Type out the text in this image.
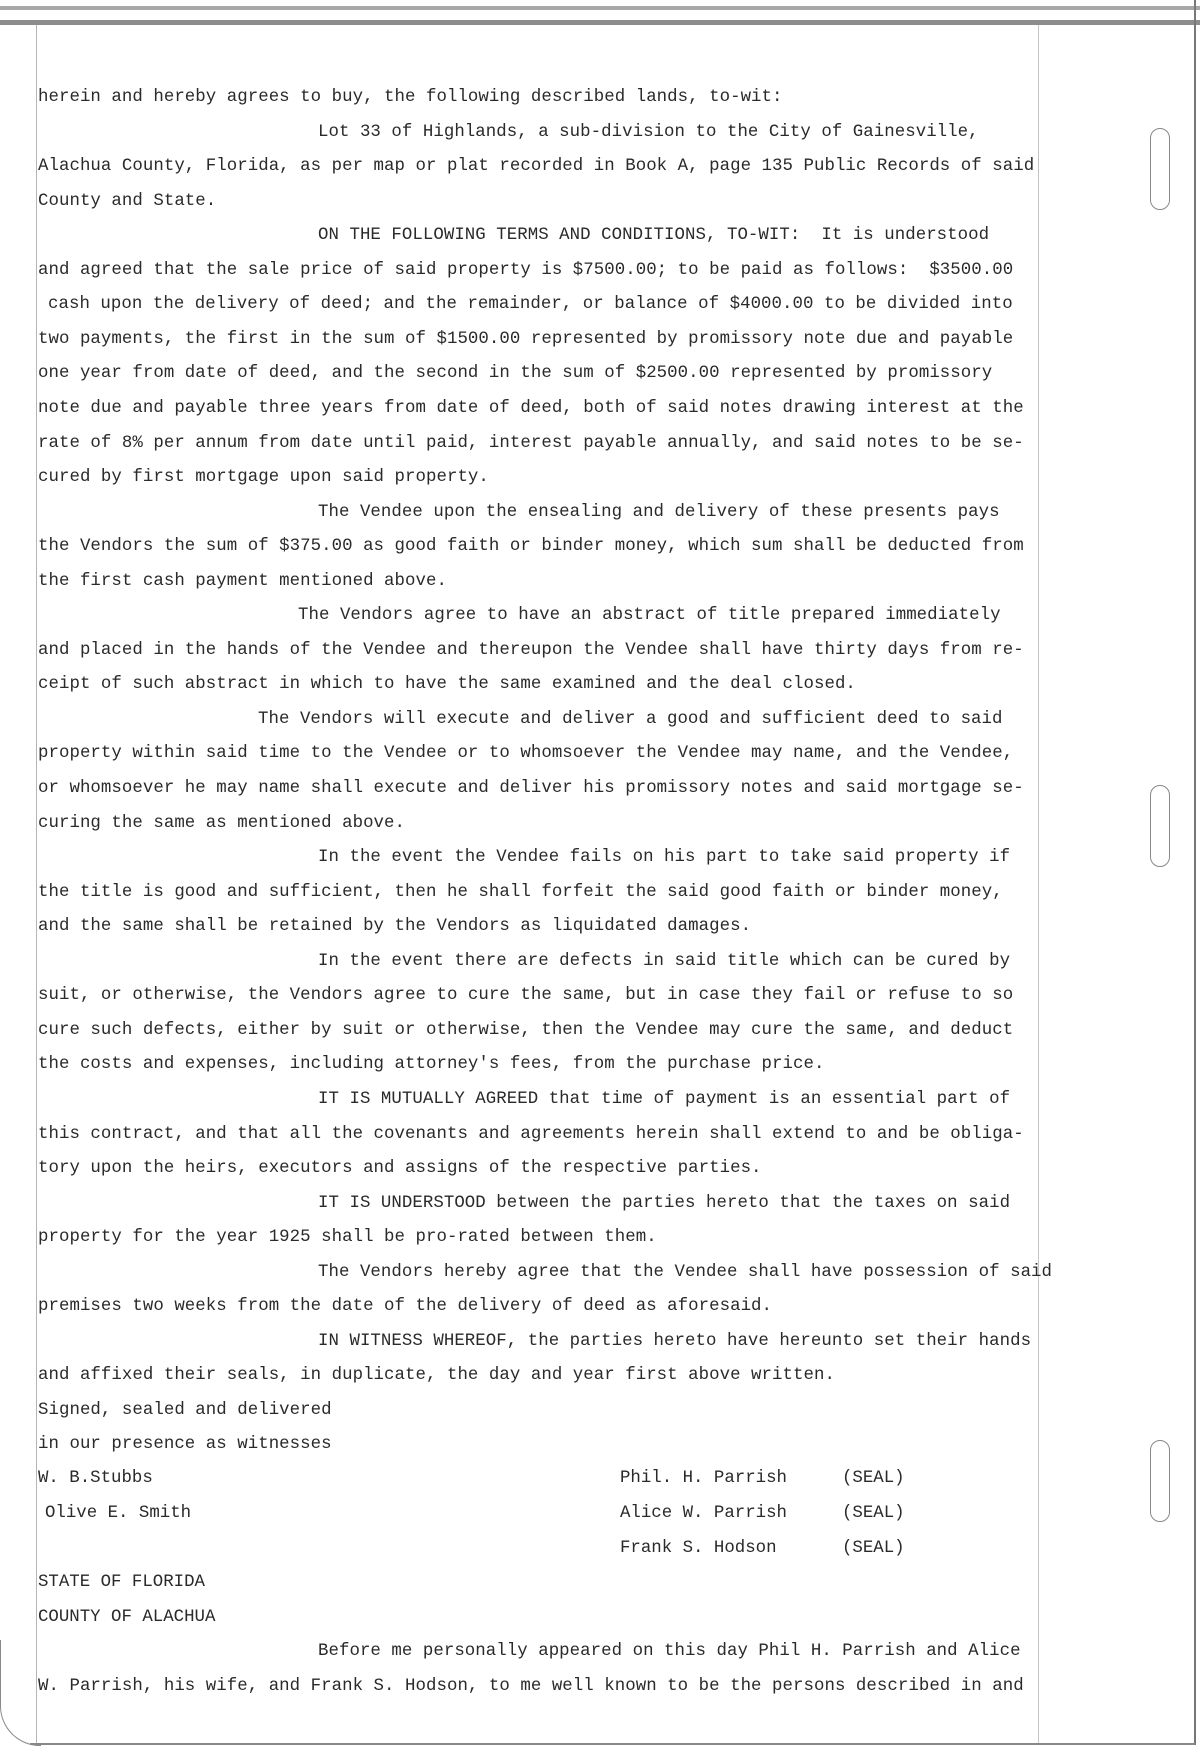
herein and hereby agrees to buy, the following described lands, to-wit:
Lot 33 of Highlands, a sub-division to the City of Gainesville,
Alachua County, Florida, as per map or plat recorded in Book A, page 135 Public Records of said
County and State.
ON THE FOLLOWING TERMS AND CONDITIONS, TO-WIT:  It is understood
and agreed that the sale price of said property is $7500.00; to be paid as follows:  $3500.00
cash upon the delivery of deed; and the remainder, or balance of $4000.00 to be divided into
two payments, the first in the sum of $1500.00 represented by promissory note due and payable
one year from date of deed, and the second in the sum of $2500.00 represented by promissory
note due and payable three years from date of deed, both of said notes drawing interest at the
rate of 8% per annum from date until paid, interest payable annually, and said notes to be se-
cured by first mortgage upon said property.
The Vendee upon the ensealing and delivery of these presents pays
the Vendors the sum of $375.00 as good faith or binder money, which sum shall be deducted from
the first cash payment mentioned above.
The Vendors agree to have an abstract of title prepared immediately
and placed in the hands of the Vendee and thereupon the Vendee shall have thirty days from re-
ceipt of such abstract in which to have the same examined and the deal closed.
The Vendors will execute and deliver a good and sufficient deed to said
property within said time to the Vendee or to whomsoever the Vendee may name, and the Vendee,
or whomsoever he may name shall execute and deliver his promissory notes and said mortgage se-
curing the same as mentioned above.
In the event the Vendee fails on his part to take said property if
the title is good and sufficient, then he shall forfeit the said good faith or binder money,
and the same shall be retained by the Vendors as liquidated damages.
In the event there are defects in said title which can be cured by
suit, or otherwise, the Vendors agree to cure the same, but in case they fail or refuse to so
cure such defects, either by suit or otherwise, then the Vendee may cure the same, and deduct
the costs and expenses, including attorney's fees, from the purchase price.
IT IS MUTUALLY AGREED that time of payment is an essential part of
this contract, and that all the covenants and agreements herein shall extend to and be obliga-
tory upon the heirs, executors and assigns of the respective parties.
IT IS UNDERSTOOD between the parties hereto that the taxes on said
property for the year 1925 shall be pro-rated between them.
The Vendors hereby agree that the Vendee shall have possession of said
premises two weeks from the date of the delivery of deed as aforesaid.
IN WITNESS WHEREOF, the parties hereto have hereunto set their hands
and affixed their seals, in duplicate, the day and year first above written.
Signed, sealed and delivered
in our presence as witnesses
W. B.Stubbs
Olive E. Smith
Phil. H. Parrish	(SEAL)
Alice W. Parrish	(SEAL)
Frank S. Hodson	(SEAL)
STATE OF FLORIDA
COUNTY OF ALACHUA
Before me personally appeared on this day Phil H. Parrish and Alice
W. Parrish, his wife, and Frank S. Hodson, to me well known to be the persons described in and
